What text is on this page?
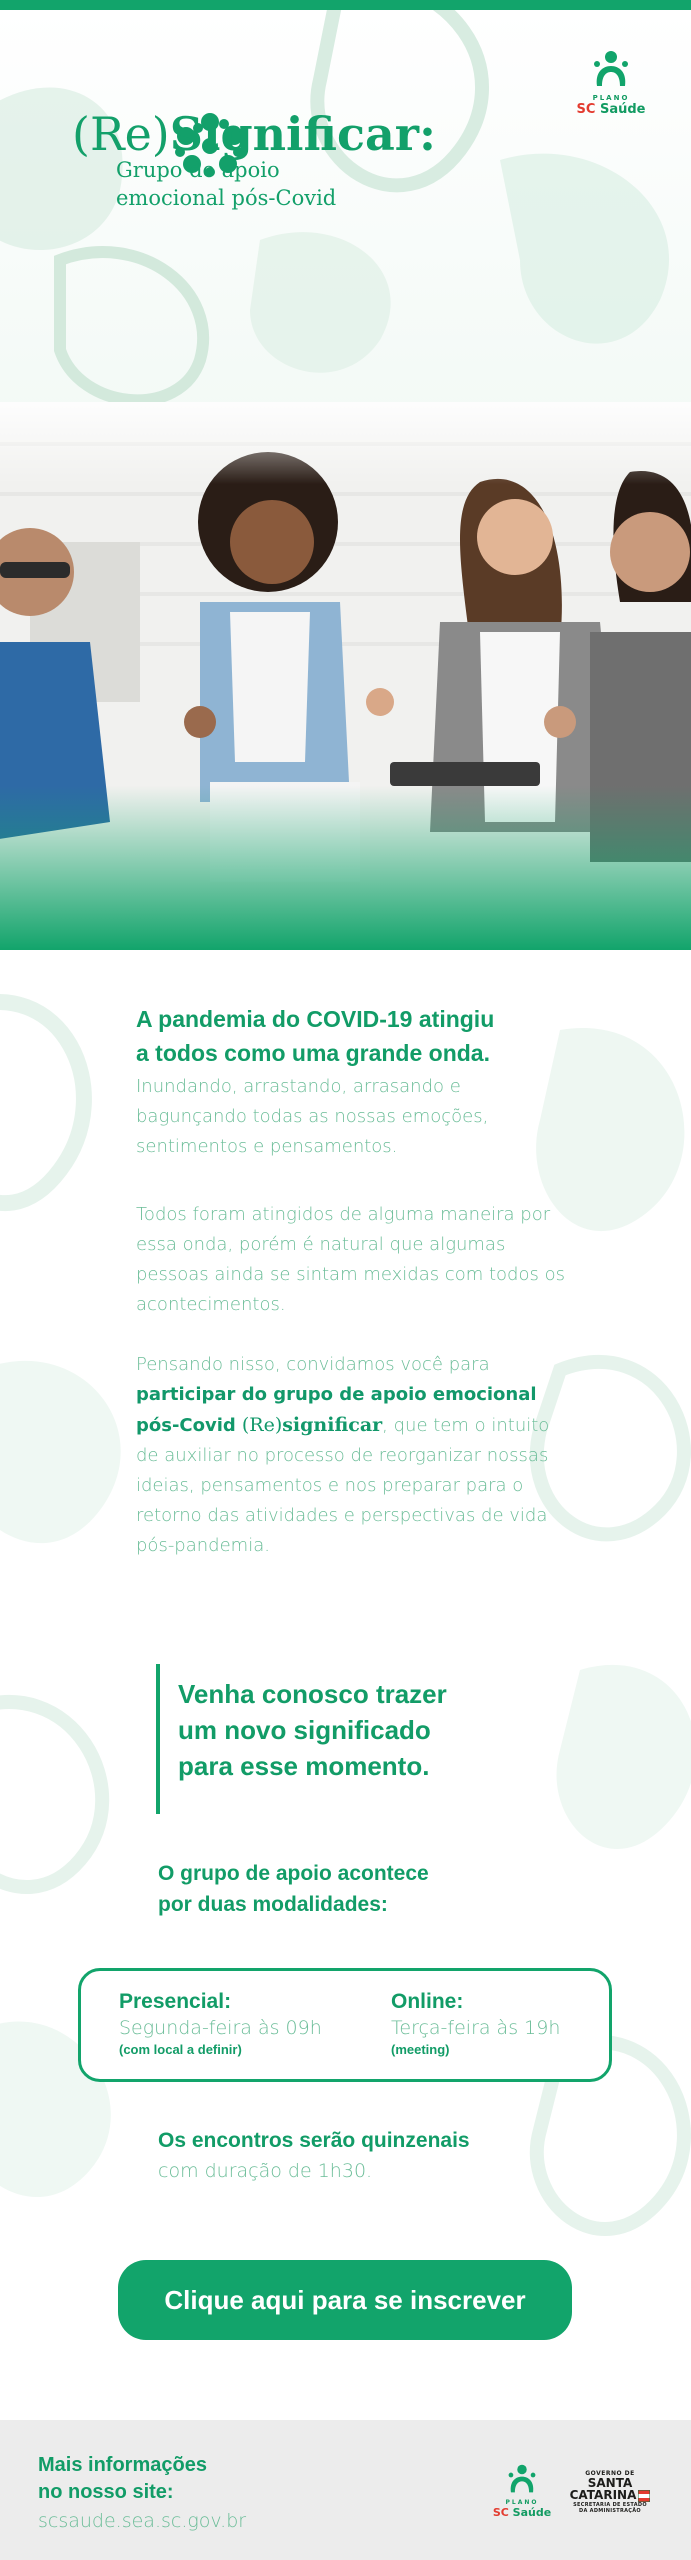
PLANO
SC Saúde
(Re)Significar:
Grupo de apoio
emocional pós-Covid
A pandemia do COVID-19 atingiu
a todos como uma grande onda.
Inundando, arrastando, arrasando e bagunçando todas as nossas emoções, sentimentos e pensamentos.
Todos foram atingidos de alguma maneira por essa onda, porém é natural que algumas pessoas ainda se sintam mexidas com todos os acontecimentos.
Pensando nisso, convidamos você para participar do grupo de apoio emocional pós-Covid (Re)significar, que tem o intuito de auxiliar no processo de reorganizar nossas ideias, pensamentos e nos preparar para o retorno das atividades e perspectivas de vida pós-pandemia.
Venha conosco trazer
um novo significado
para esse momento.
O grupo de apoio acontece
por duas modalidades:
Presencial:
Segunda-feira às 09h
(com local a definir)
Online:
Terça-feira às 19h
(meeting)
Os encontros serão quinzenais
com duração de 1h30.
Clique aqui para se inscrever
Mais informações
no nosso site:
scsaude.sea.sc.gov.br
PLANO
SC Saúde
GOVERNO DE
SANTA
CATARINA
SECRETARIA DE ESTADO
DA ADMINISTRAÇÃO
